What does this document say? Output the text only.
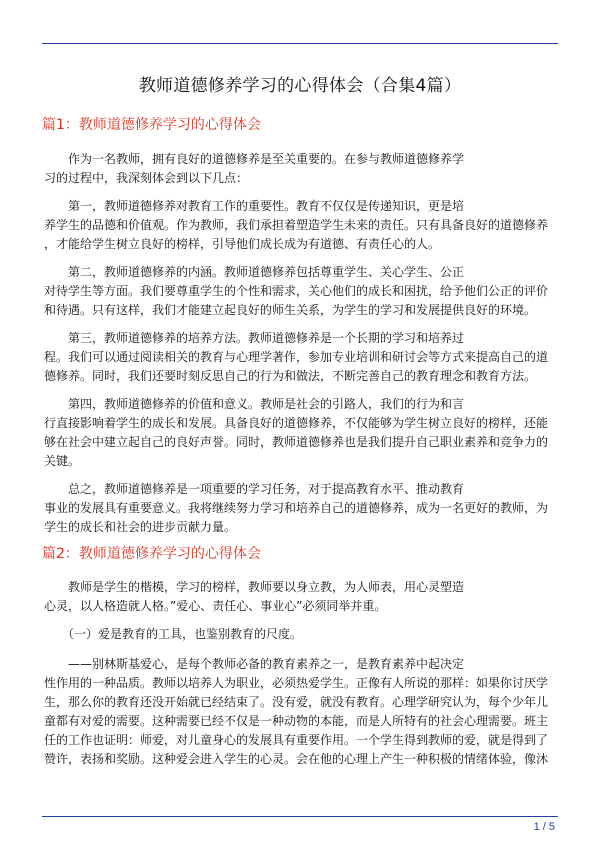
教师道德修养学习的心得体会（合集4篇）
篇1：教师道德修养学习的心得体会
　　作为一名教师，拥有良好的道德修养是至关重要的。在参与教师道德修养学
习的过程中，我深刻体会到以下几点：
　　第一，教师道德修养对教育工作的重要性。教育不仅仅是传递知识，更是培
养学生的品德和价值观。作为教师，我们承担着塑造学生未来的责任。只有具备良好的道德修养
，才能给学生树立良好的榜样，引导他们成长成为有道德、有责任心的人。
　　第二，教师道德修养的内涵。教师道德修养包括尊重学生、关心学生、公正
对待学生等方面。我们要尊重学生的个性和需求，关心他们的成长和困扰，给予他们公正的评价
和待遇。只有这样，我们才能建立起良好的师生关系，为学生的学习和发展提供良好的环境。
　　第三，教师道德修养的培养方法。教师道德修养是一个长期的学习和培养过
程。我们可以通过阅读相关的教育与心理学著作，参加专业培训和研讨会等方式来提高自己的道
德修养。同时，我们还要时刻反思自己的行为和做法，不断完善自己的教育理念和教育方法。
　　第四，教师道德修养的价值和意义。教师是社会的引路人，我们的行为和言
行直接影响着学生的成长和发展。具备良好的道德修养，不仅能够为学生树立良好的榜样，还能
够在社会中建立起自己的良好声誉。同时，教师道德修养也是我们提升自己职业素养和竞争力的
关键。
　　总之，教师道德修养是一项重要的学习任务，对于提高教育水平、推动教育
事业的发展具有重要意义。我将继续努力学习和培养自己的道德修养，成为一名更好的教师，为
学生的成长和社会的进步贡献力量。
篇2：教师道德修养学习的心得体会
　　教师是学生的楷模，学习的榜样，教师要以身立教，为人师表，用心灵塑造
心灵，以人格造就人格。”爱心、责任心、事业心”必须同举并重。
　　（一）爱是教育的工具，也鉴别教育的尺度。
　　——别林斯基爱心，是每个教师必备的教育素养之一，是教育素养中起决定
性作用的一种品质。教师以培养人为职业，必须热爱学生。正像有人所说的那样：如果你讨厌学
生，那么你的教育还没开始就已经结束了。没有爱，就没有教育。心理学研究认为，每个少年儿
童都有对爱的需要。这种需要已经不仅是一种动物的本能，而是人所特有的社会心理需要。班主
任的工作也证明：师爱，对儿童身心的发展具有重要作用。一个学生得到教师的爱，就是得到了
赞许，表扬和奖励。这种爱会进入学生的心灵。会在他的心理上产生一种积极的情绪体验，像沐
1 / 5
